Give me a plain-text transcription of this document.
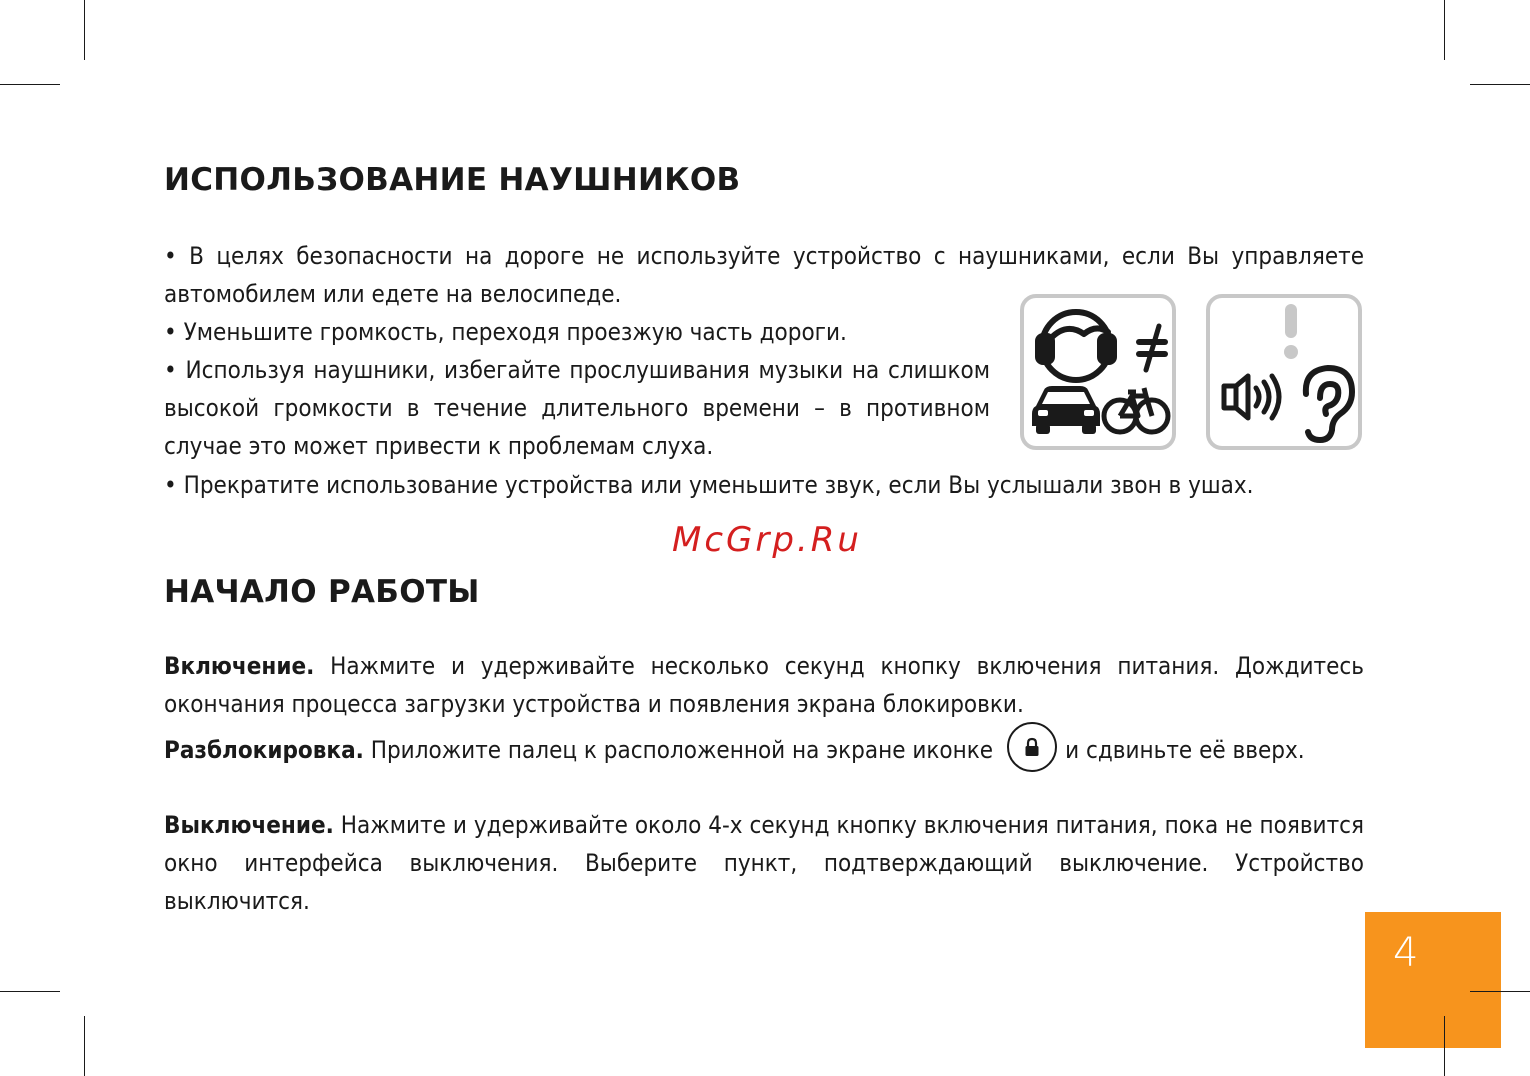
ИСПОЛЬЗОВАНИЕ НАУШНИКОВ

• В целях безопасности на дороге не используйте устройство с наушниками, если Вы управляете автомобилем или едете на велосипеде.

• Уменьшите громкость, переходя проезжую часть дороги.

• Используя наушники, избегайте прослушивания музыки на слишком высокой громкости в течение длительного времени – в противном случае это может привести к проблемам слуха.

• Прекратите использование устройства или уменьшите звук, если Вы услышали звон в ушах.

McGrp.Ru
НАЧАЛО РАБОТЫ

Включение. Нажмите и удерживайте несколько секунд кнопку включения питания. Дождитесь окончания процесса загрузки устройства и появления экрана блокировки.

Разблокировка. Приложите палец к расположенной на экране иконке	и сдвиньте её вверх.

Выключение. Нажмите и удерживайте около 4-х секунд кнопку включения питания, пока не появится окно интерфейса выключения. Выберите пункт, подтверждающий выключение. Устройство выключится.

4
